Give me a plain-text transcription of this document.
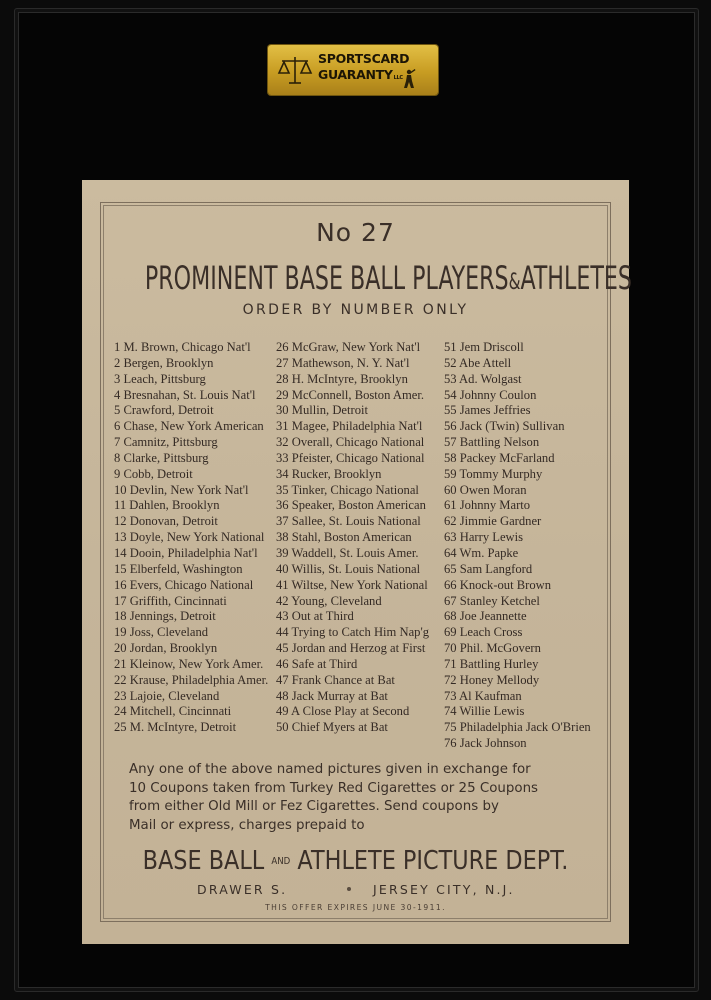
SPORTSCARD
GUARANTYLLC
No 27
PROMINENT BASE BALL PLAYERS&ATHLETES
ORDER BY NUMBER ONLY
1 M. Brown, Chicago Nat'l
2 Bergen, Brooklyn
3 Leach, Pittsburg
4 Bresnahan, St. Louis Nat'l
5 Crawford, Detroit
6 Chase, New York American
7 Camnitz, Pittsburg
8 Clarke, Pittsburg
9 Cobb, Detroit
10 Devlin, New York Nat'l
11 Dahlen, Brooklyn
12 Donovan, Detroit
13 Doyle, New York National
14 Dooin, Philadelphia Nat'l
15 Elberfeld, Washington
16 Evers, Chicago National
17 Griffith, Cincinnati
18 Jennings, Detroit
19 Joss, Cleveland
20 Jordan, Brooklyn
21 Kleinow, New York Amer.
22 Krause, Philadelphia Amer.
23 Lajoie, Cleveland
24 Mitchell, Cincinnati
25 M. McIntyre, Detroit
26 McGraw, New York Nat'l
27 Mathewson, N. Y. Nat'l
28 H. McIntyre, Brooklyn
29 McConnell, Boston Amer.
30 Mullin, Detroit
31 Magee, Philadelphia Nat'l
32 Overall, Chicago National
33 Pfeister, Chicago National
34 Rucker, Brooklyn
35 Tinker, Chicago National
36 Speaker, Boston American
37 Sallee, St. Louis National
38 Stahl, Boston American
39 Waddell, St. Louis Amer.
40 Willis, St. Louis National
41 Wiltse, New York National
42 Young, Cleveland
43 Out at Third
44 Trying to Catch Him Nap'g
45 Jordan and Herzog at First
46 Safe at Third
47 Frank Chance at Bat
48 Jack Murray at Bat
49 A Close Play at Second
50 Chief Myers at Bat
51 Jem Driscoll
52 Abe Attell
53 Ad. Wolgast
54 Johnny Coulon
55 James Jeffries
56 Jack (Twin) Sullivan
57 Battling Nelson
58 Packey McFarland
59 Tommy Murphy
60 Owen Moran
61 Johnny Marto
62 Jimmie Gardner
63 Harry Lewis
64 Wm. Papke
65 Sam Langford
66 Knock-out Brown
67 Stanley Ketchel
68 Joe Jeannette
69 Leach Cross
70 Phil. McGovern
71 Battling Hurley
72 Honey Mellody
73 Al Kaufman
74 Willie Lewis
75 Philadelphia Jack O'Brien
76 Jack Johnson
Any one of the above named pictures given in exchange for
10 Coupons taken from Turkey Red Cigarettes or 25 Coupons
from either Old Mill or Fez Cigarettes. Send coupons by
Mail or express, charges prepaid to
BASE BALL AND ATHLETE PICTURE DEPT.
DRAWER S.	JERSEY CITY, N.J.
THIS OFFER EXPIRES JUNE 30-1911.
